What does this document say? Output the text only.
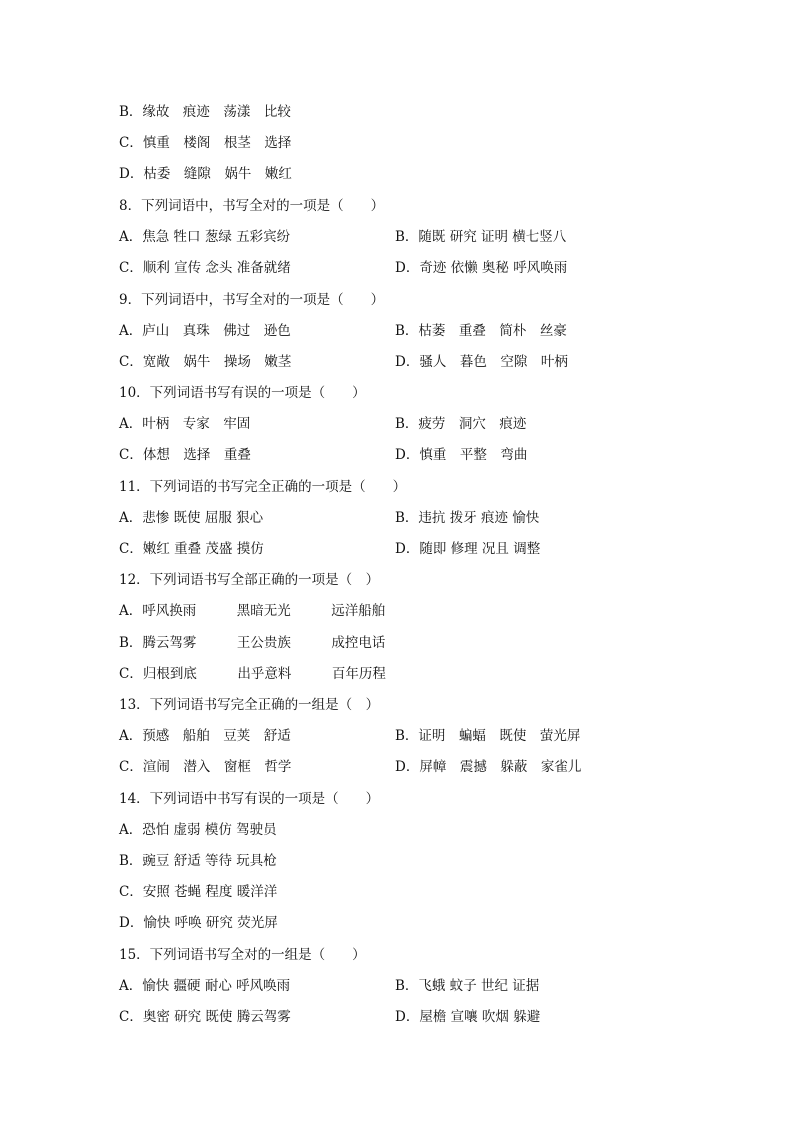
B．缘故　痕迹　荡漾　比较
C．慎重　楼阁　根茎　选择
D．枯委　缝隙　娲牛　嫩红
8．下列词语中，书写全对的一项是（　　）
A．焦急 牲口 葱绿 五彩宾纷	B．随既 研究 证明 横七竖八
C．顺利 宣传 念头 准备就绪	D．奇迹 依懒 奥秘 呼风唤雨
9．下列词语中，书写全对的一项是（　　）
A．庐山　真珠　佛过　逊色	B．枯萎　重叠　简朴　丝豪
C．宽敞　娲牛　操场　嫩茎	D．骚人　暮色　空隙　叶柄
10．下列词语书写有误的一项是（　　）
A．叶柄　专家　牢固	B．疲劳　洞穴　痕迹
C．体想　选择　重叠	D．慎重　平整　弯曲
11．下列词语的书写完全正确的一项是（　　）
A．悲惨 既使 屈服 狠心	B．违抗 拨牙 痕迹 愉快
C．嫩红 重叠 茂盛 摸仿	D．随即 修理 况且 调整
12．下列词语书写全部正确的一项是（　）
A．呼风换雨　　　黑暗无光　　　远洋船舶
B．腾云驾雾　　　王公贵族　　　成控电话
C．归根到底　　　出乎意料　　　百年历程
13．下列词语书写完全正确的一组是（　）
A．预感　船舶　豆荚　舒适	B．证明　蝙蝠　既使　萤光屏
C．渲闹　潜入　窗框　哲学	D．屏幛　震撼　躲蔽　家雀儿
14．下列词语中书写有误的一项是（　　）
A．恐怕 虚弱 模仿 驾驶员
B．豌豆 舒适 等待 玩具枪
C．安照 苍蝇 程度 暖洋洋
D．愉快 呼唤 研究 荧光屏
15．下列词语书写全对的一组是（　　）
A．愉快 疆硬 耐心 呼风唤雨	B．飞蛾 蚊子 世纪 证据
C．奥密 研究 既使 腾云驾雾	D．屋檐 宣嚷 吹烟 躲避
